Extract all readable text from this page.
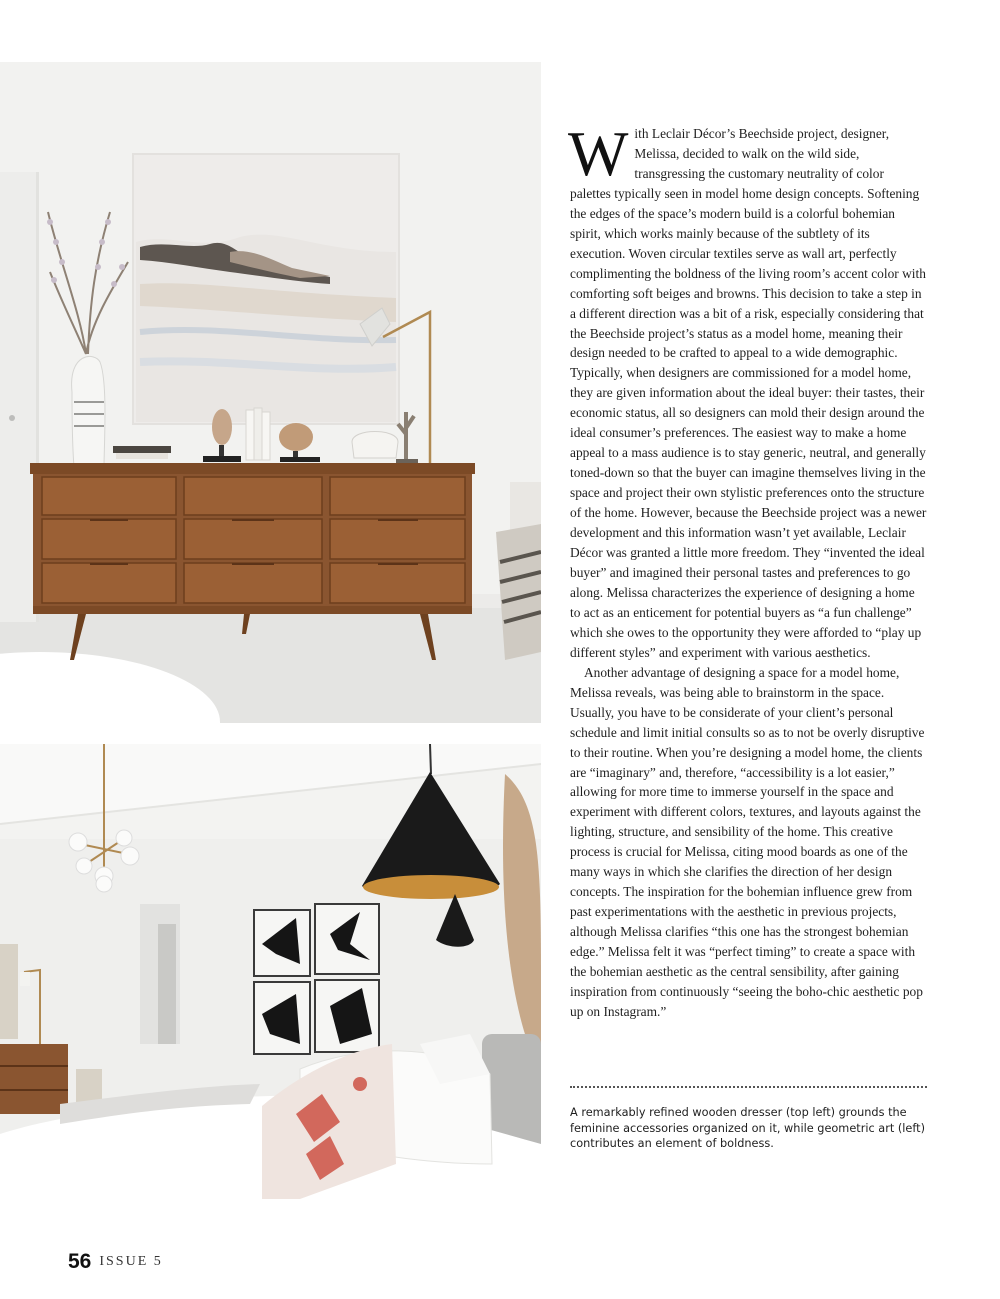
With Leclair Décor’s Beechside project, designer, Melissa, decided to walk on the wild side, transgressing the customary neutrality of color palettes typically seen in model home design concepts. Softening the edges of the space’s modern build is a colorful bohemian spirit, which works mainly because of the subtlety of its execution. Woven circular textiles serve as wall art, perfectly complimenting the boldness of the living room’s accent color with comforting soft beiges and browns. This decision to take a step in a different direction was a bit of a risk, especially considering that the Beechside project’s status as a model home, meaning their design needed to be crafted to appeal to a wide demographic. Typically, when designers are commissioned for a model home, they are given information about the ideal buyer: their tastes, their economic status, all so designers can mold their design around the ideal consumer’s preferences. The easiest way to make a home appeal to a mass audience is to stay generic, neutral, and generally toned-down so that the buyer can imagine themselves living in the space and project their own stylistic preferences onto the structure of the home. However, because the Beechside project was a newer development and this information wasn’t yet available, Leclair Décor was granted a little more freedom. They “invented the ideal buyer” and imagined their personal tastes and preferences to go along. Melissa characterizes the experience of designing a home to act as an enticement for potential buyers as “a fun challenge” which she owes to the opportunity they were afforded to “play up different styles” and experiment with various aesthetics.

Another advantage of designing a space for a model home, Melissa reveals, was being able to brainstorm in the space. Usually, you have to be considerate of your client’s personal schedule and limit initial consults so as to not be overly disruptive to their routine. When you’re designing a model home, the clients are “imaginary” and, therefore, “accessibility is a lot easier,” allowing for more time to immerse yourself in the space and experiment with different colors, textures, and layouts against the lighting, structure, and sensibility of the home. This creative process is crucial for Melissa, citing mood boards as one of the many ways in which she clarifies the direction of her design concepts. The inspiration for the bohemian influence grew from past experimentations with the aesthetic in previous projects, although Melissa clarifies “this one has the strongest bohemian edge.” Melissa felt it was “perfect timing” to create a space with the bohemian aesthetic as the central sensibility, after gaining inspiration from continuously “seeing the boho-chic aesthetic pop up on Instagram.”

A remarkably refined wooden dresser (top left) grounds the feminine accessories organized on it, while geometric art (left) contributes an element of boldness.
56 ISSUE 5
